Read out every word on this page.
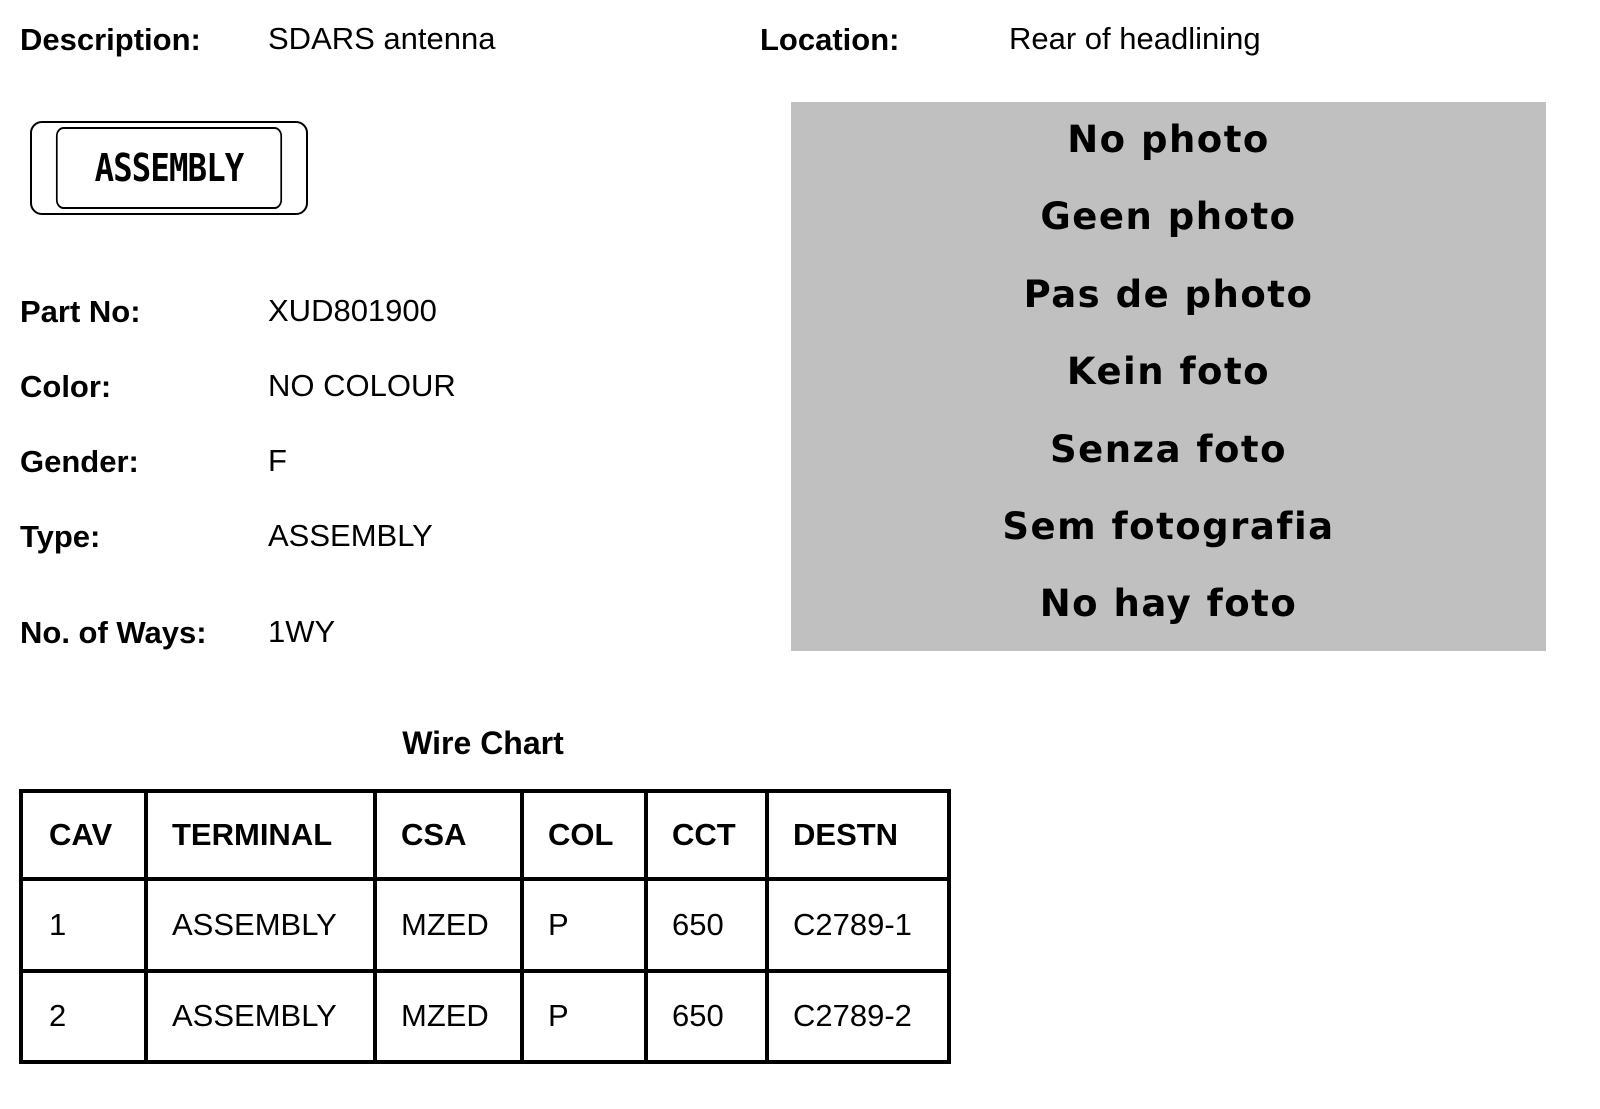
Description: SDARS antenna	Location:	Rear of headlining
ASSEMBLY
Part No:	XUD801900
Color:	NO COLOUR
Gender:	F
Type:	ASSEMBLY
No. of Ways: 1WY
No photo
Geen photo
Pas de photo
Kein foto
Senza foto
Sem fotografia
No hay foto
Wire Chart
CAV	TERMINAL	CSA	COL	CCT	DESTN
1	ASSEMBLY	MZED	P	650	C2789-1
2	ASSEMBLY	MZED	P	650	C2789-2
